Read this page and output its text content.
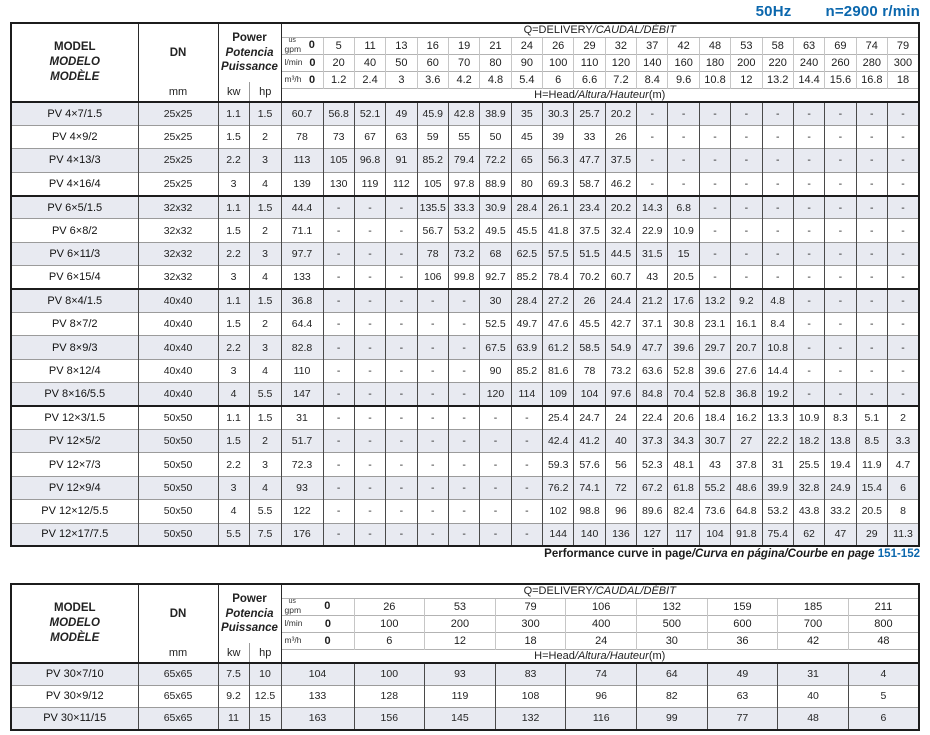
50Hz n=2900 r/min
MODEL
MODELO
MODÈLE

DN
mm

Power
Potencia
Puissance
kw	hp
	Q=DELIVERY/CAUDAL/DÉBIT

				us
gpm 0	5	11	13	16	19	21	24	26	29	32	37	42	48	53	58	63	69	74	79

				l/min 0	20	40	50	60	70	80	90	100	110	120	140	160	180	200	220	240	260	280	300

				m³/h 0	1.2	2.4	3	3.6	4.2	4.8	5.4	6	6.6	7.2	8.4	9.6	10.8	12	13.2	14.4	15.6	16.8	18
				H=Head/Altura/Hauteur(m)																			
PV 4×7/1.5	25x25	1.1	1.5	60.7	56.8	52.1	49	45.9	42.8	38.9	35	30.3	25.7	20.2	-	-	-	-	-	-	-	-	-
PV 4×9/2	25x25	1.5	2	78	73	67	63	59	55	50	45	39	33	26	-	-	-	-	-	-	-	-	-
PV 4×13/3	25x25	2.2	3	113	105	96.8	91	85.2	79.4	72.2	65	56.3	47.7	37.5	-	-	-	-	-	-	-	-	-
PV 4×16/4	25x25	3	4	139	130	119	112	105	97.8	88.9	80	69.3	58.7	46.2	-	-	-	-	-	-	-	-	-
PV 6×5/1.5	32x32	1.1	1.5	44.4	-	-	-	135.5	33.3	30.9	28.4	26.1	23.4	20.2	14.3	6.8	-	-	-	-	-	-	-
PV 6×8/2	32x32	1.5	2	71.1	-	-	-	56.7	53.2	49.5	45.5	41.8	37.5	32.4	22.9	10.9	-	-	-	-	-	-	-
PV 6×11/3	32x32	2.2	3	97.7	-	-	-	78	73.2	68	62.5	57.5	51.5	44.5	31.5	15	-	-	-	-	-	-	-
PV 6×15/4	32x32	3	4	133	-	-	-	106	99.8	92.7	85.2	78.4	70.2	60.7	43	20.5	-	-	-	-	-	-	-
PV 8×4/1.5	40x40	1.1	1.5	36.8	-	-	-	-	-	30	28.4	27.2	26	24.4	21.2	17.6	13.2	9.2	4.8	-	-	-	-
PV 8×7/2	40x40	1.5	2	64.4	-	-	-	-	-	52.5	49.7	47.6	45.5	42.7	37.1	30.8	23.1	16.1	8.4	-	-	-	-
PV 8×9/3	40x40	2.2	3	82.8	-	-	-	-	-	67.5	63.9	61.2	58.5	54.9	47.7	39.6	29.7	20.7	10.8	-	-	-	-
PV 8×12/4	40x40	3	4	110	-	-	-	-	-	90	85.2	81.6	78	73.2	63.6	52.8	39.6	27.6	14.4	-	-	-	-
PV 8×16/5.5	40x40	4	5.5	147	-	-	-	-	-	120	114	109	104	97.6	84.8	70.4	52.8	36.8	19.2	-	-	-	-
PV 12×3/1.5	50x50	1.1	1.5	31	-	-	-	-	-	-	-	25.4	24.7	24	22.4	20.6	18.4	16.2	13.3	10.9	8.3	5.1	2
PV 12×5/2	50x50	1.5	2	51.7	-	-	-	-	-	-	-	42.4	41.2	40	37.3	34.3	30.7	27	22.2	18.2	13.8	8.5	3.3
PV 12×7/3	50x50	2.2	3	72.3	-	-	-	-	-	-	-	59.3	57.6	56	52.3	48.1	43	37.8	31	25.5	19.4	11.9	4.7
PV 12×9/4	50x50	3	4	93	-	-	-	-	-	-	-	76.2	74.1	72	67.2	61.8	55.2	48.6	39.9	32.8	24.9	15.4	6
PV 12×12/5.5	50x50	4	5.5	122	-	-	-	-	-	-	-	102	98.8	96	89.6	82.4	73.6	64.8	53.2	43.8	33.2	20.5	8
PV 12×17/7.5	50x50	5.5	7.5	176	-	-	-	-	-	-	-	144	140	136	127	117	104	91.8	75.4	62	47	29	11.3
Performance curve in page/Curva en página/Courbe en page 151-152
MODEL
MODELO
MODÈLE

DN
mm

Power
Potencia
Puissance
kw	hp
	Q=DELIVERY/CAUDAL/DÉBIT

				us
gpm 0	26	53	79	106	132	159	185	211

				l/min 0	100	200	300	400	500	600	700	800

				m³/h 0	6	12	18	24	30	36	42	48
				H=Head/Altura/Hauteur(m)								
PV 30×7/10	65x65	7.5	10	104	100	93	83	74	64	49	31	4
PV 30×9/12	65x65	9.2	12.5	133	128	119	108	96	82	63	40	5
PV 30×11/15	65x65	11	15	163	156	145	132	116	99	77	48	6
